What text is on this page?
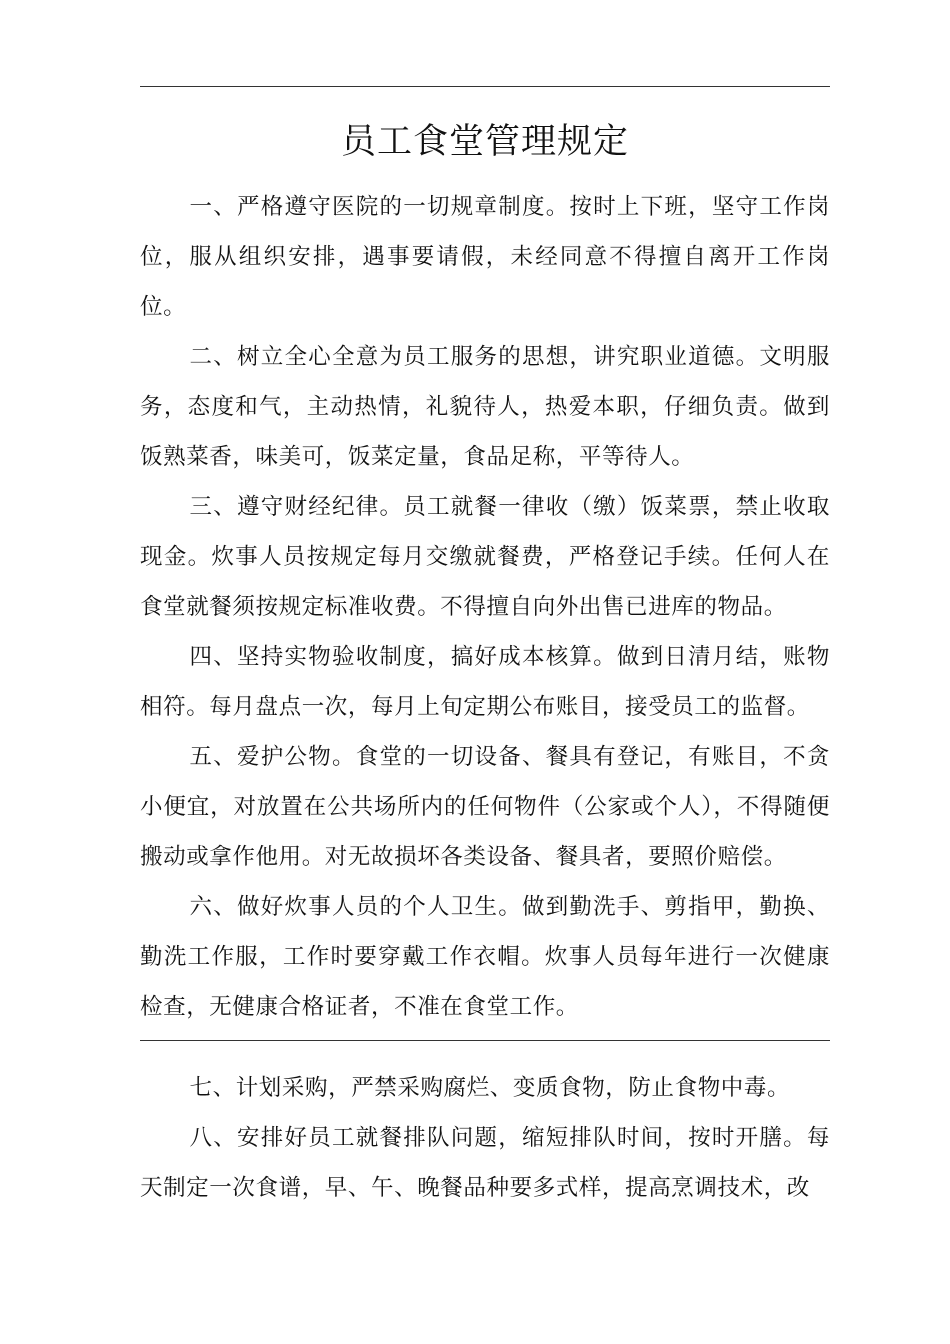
员工食堂管理规定

一、严格遵守医院的一切规章制度。按时上下班，坚守工作岗位，服从组织安排，遇事要请假，未经同意不得擅自离开工作岗位。

二、树立全心全意为员工服务的思想，讲究职业道德。文明服务，态度和气，主动热情，礼貌待人，热爱本职，仔细负责。做到饭熟菜香，味美可，饭菜定量，食品足称，平等待人。

三、遵守财经纪律。员工就餐一律收（缴）饭菜票，禁止收取现金。炊事人员按规定每月交缴就餐费，严格登记手续。任何人在食堂就餐须按规定标准收费。不得擅自向外出售已进库的物品。

四、坚持实物验收制度，搞好成本核算。做到日清月结，账物相符。每月盘点一次，每月上旬定期公布账目，接受员工的监督。

五、爱护公物。食堂的一切设备、餐具有登记，有账目，不贪小便宜，对放置在公共场所内的任何物件（公家或个人），不得随便搬动或拿作他用。对无故损坏各类设备、餐具者，要照价赔偿。

六、做好炊事人员的个人卫生。做到勤洗手、剪指甲，勤换、勤洗工作服，工作时要穿戴工作衣帽。炊事人员每年进行一次健康检查，无健康合格证者，不准在食堂工作。

七、计划采购，严禁采购腐烂、变质食物，防止食物中毒。

八、安排好员工就餐排队问题，缩短排队时间，按时开膳。每天制定一次食谱，早、午、晚餐品种要多式样，提高烹调技术，改
